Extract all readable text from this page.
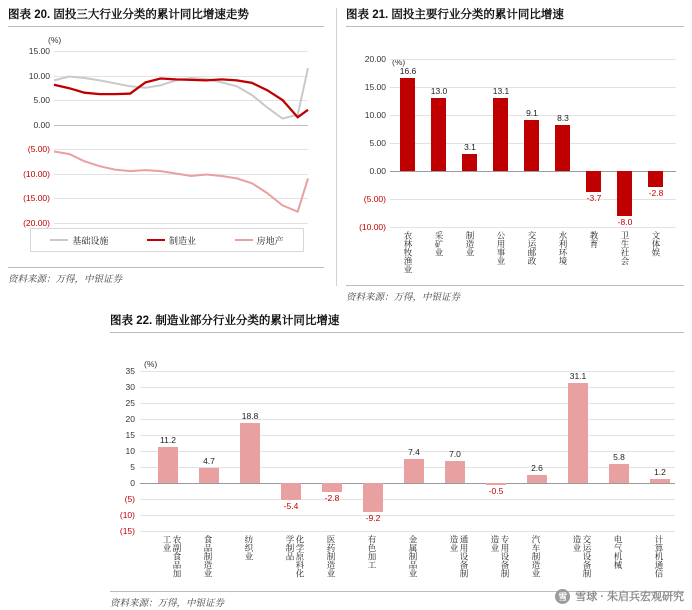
图表 20. 固投三大行业分类的累计同比增速走势
(%)
15.00
10.00
5.00
0.00
(5.00)
(10.00)
(15.00)
(20.00)
基础设施	制造业	房地产
资料来源：万得，中银证券
图表 21. 固投主要行业分类的累计同比增速
(%)
20.00
15.00
10.00
5.00
0.00
(5.00)
(10.00)
16.6
13.0
3.1
13.1
9.1	8.3
-3.7
-8.0
-2.8
农林牧渔业 采矿业 制造业 公用事业 交运邮政 水利环境 教育 卫生社会 文体娱
资料来源：万得，中银证券
图表 22. 制造业部分行业分类的累计同比增速
(%)
35
30
25
20
15
10
5
0
(5)
(10)
(15)
11.2
4.7
18.8
-5.4
-2.8
-9.2
7.4	7.0
-0.5
2.6
31.1
5.8
1.2
农副食品加工业	食品制造业	纺织业	化学原料化学制品	医药制造业	有色加工	金属制品业	通用设备制造业	专用设备制造业	汽车制造业	交运设备制造业	电气机械	计算机通信
资料来源：万得，中银证券
雪 雪球 · 朱启兵宏观研究
